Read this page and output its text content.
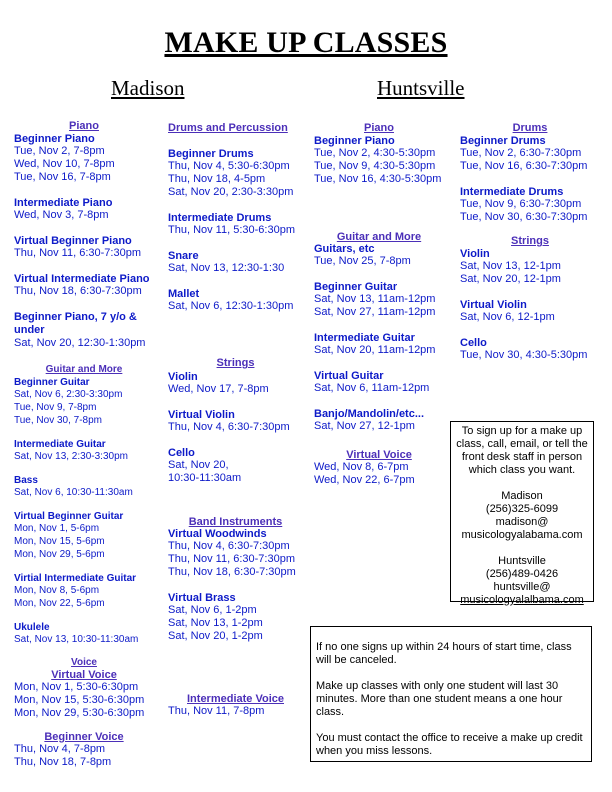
MAKE UP CLASSES
Madison	Huntsville
Piano
Beginner Piano
Tue, Nov 2, 7-8pm
Wed, Nov 10, 7-8pm
Tue, Nov 16, 7-8pm
Intermediate Piano
Wed, Nov 3, 7-8pm
Virtual Beginner Piano
Thu, Nov 11, 6:30-7:30pm
Virtual Intermediate Piano
Thu, Nov 18, 6:30-7:30pm
Beginner Piano, 7 y/o & under
Sat, Nov 20, 12:30-1:30pm
Guitar and More
Beginner Guitar
Sat, Nov 6, 2:30-3:30pm
Tue, Nov 9, 7-8pm
Tue, Nov 30, 7-8pm
Intermediate Guitar
Sat, Nov 13, 2:30-3:30pm
Bass
Sat, Nov 6, 10:30-11:30am
Virtual Beginner Guitar
Mon, Nov 1, 5-6pm
Mon, Nov 15, 5-6pm
Mon, Nov 29, 5-6pm
Virtial Intermediate Guitar
Mon, Nov 8, 5-6pm
Mon, Nov 22, 5-6pm
Ukulele
Sat, Nov 13, 10:30-11:30am
Voice
Virtual Voice
Mon, Nov 1, 5:30-6:30pm
Mon, Nov 15, 5:30-6:30pm
Mon, Nov 29, 5:30-6:30pm
Beginner Voice
Thu, Nov 4, 7-8pm
Thu, Nov 18, 7-8pm
Drums and Percussion
Beginner Drums
Thu, Nov 4, 5:30-6:30pm
Thu, Nov 18, 4-5pm
Sat, Nov 20, 2:30-3:30pm
Intermediate Drums
Thu, Nov 11, 5:30-6:30pm
Snare
Sat, Nov 13, 12:30-1:30
Mallet
Sat, Nov 6, 12:30-1:30pm
Strings
Violin
Wed, Nov 17, 7-8pm
Virtual Violin
Thu, Nov 4, 6:30-7:30pm
Cello
Sat, Nov 20,
10:30-11:30am
Band Instruments
Virtual Woodwinds
Thu, Nov 4, 6:30-7:30pm
Thu, Nov 11, 6:30-7:30pm
Thu, Nov 18, 6:30-7:30pm
Virtual Brass
Sat, Nov 6, 1-2pm
Sat, Nov 13, 1-2pm
Sat, Nov 20, 1-2pm
Intermediate Voice
Thu, Nov 11, 7-8pm
Piano
Beginner Piano
Tue, Nov 2, 4:30-5:30pm
Tue, Nov 9, 4:30-5:30pm
Tue, Nov 16, 4:30-5:30pm
Guitar and More
Guitars, etc
Tue, Nov 25, 7-8pm
Beginner Guitar
Sat, Nov 13, 11am-12pm
Sat, Nov 27, 11am-12pm
Intermediate Guitar
Sat, Nov 20, 11am-12pm
Virtual Guitar
Sat, Nov 6, 11am-12pm
Banjo/Mandolin/etc...
Sat, Nov 27, 12-1pm
Virtual Voice
Wed, Nov 8, 6-7pm
Wed, Nov 22, 6-7pm
Drums
Beginner Drums
Tue, Nov 2, 6:30-7:30pm
Tue, Nov 16, 6:30-7:30pm
Intermediate Drums
Tue, Nov 9, 6:30-7:30pm
Tue, Nov 30, 6:30-7:30pm
Strings
Violin
Sat, Nov 13, 12-1pm
Sat, Nov 20, 12-1pm
Virtual Violin
Sat, Nov 6, 12-1pm
Cello
Tue, Nov 30, 4:30-5:30pm

To sign up for a make up class, call, email, or tell the front desk staff in person which class you want.

Madison
(256)325-6099
madison@
musicologyalabama.com
Huntsville
(256)489-0426
huntsville@
musicologyalalbama.com

If no one signs up within 24 hours of start time, class will be canceled.

Make up classes with only one student will last 30 minutes. More than one student means a one hour class.

You must contact the office to receive a make up credit when you miss lessons.
